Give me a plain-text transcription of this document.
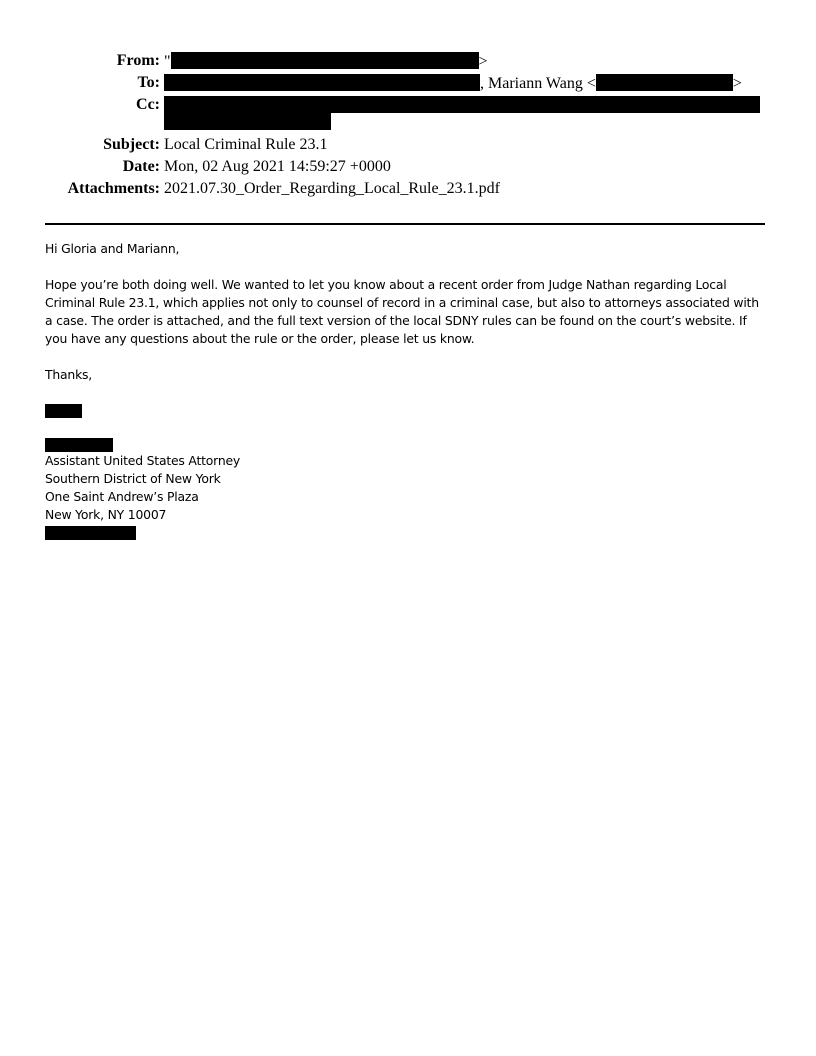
From: "	>
To:	, Mariann Wang <	>
Cc:
Subject: Local Criminal Rule 23.1
Date: Mon, 02 Aug 2021 14:59:27 +0000
Attachments: 2021.07.30_Order_Regarding_Local_Rule_23.1.pdf

Hi Gloria and Mariann,

Hope you’re both doing well. We wanted to let you know about a recent order from Judge Nathan regarding Local Criminal Rule 23.1, which applies not only to counsel of record in a criminal case, but also to attorneys associated with a case. The order is attached, and the full text version of the local SDNY rules can be found on the court’s website. If you have any questions about the rule or the order, please let us know.

Thanks,

Assistant United States Attorney

Southern District of New York

One Saint Andrew’s Plaza

New York, NY 10007
